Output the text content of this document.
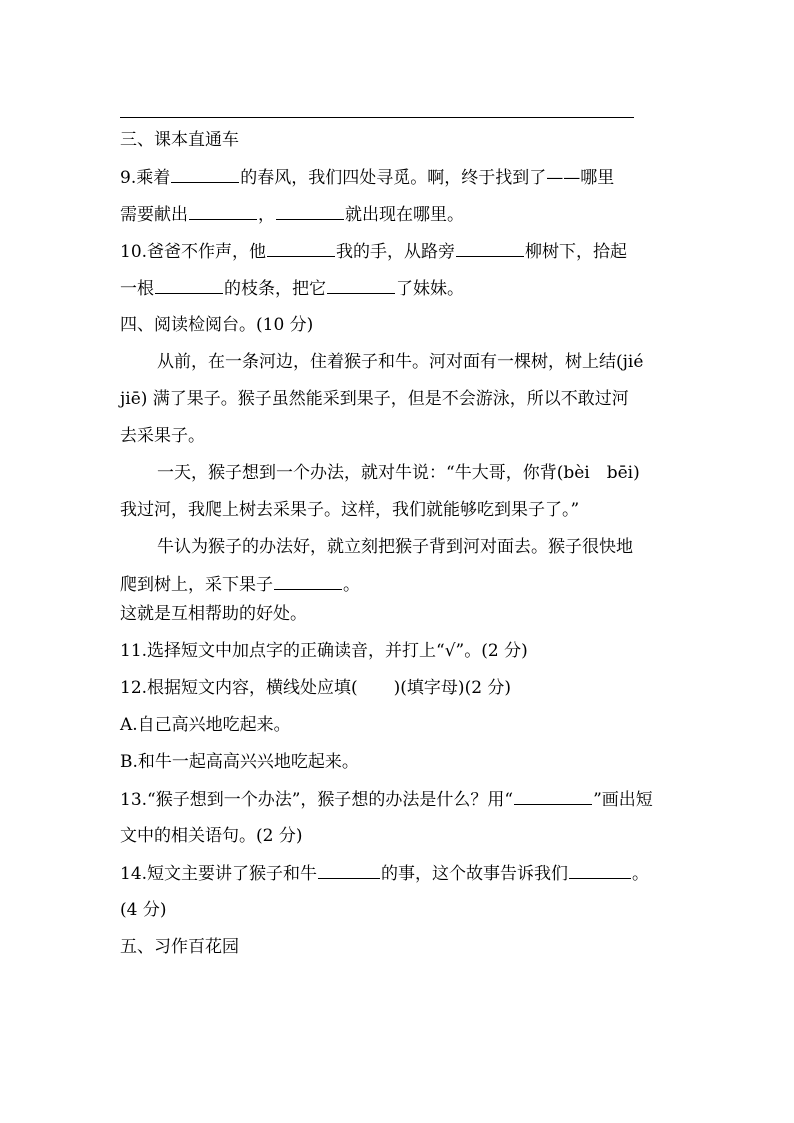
三、课本直通车
9.乘着	的春风，我们四处寻觅。啊，终于找到了——哪里
需要献出	，	就出现在哪里。
10.爸爸不作声，他	我的手，从路旁	柳树下，拾起
一根	的枝条，把它	了妹妹。
四、阅读检阅台。(10 分)
从前，在一条河边，住着猴子和牛。河对面有一棵树，树上结(jié
jiē) 满了果子。猴子虽然能采到果子，但是不会游泳，所以不敢过河
去采果子。
一天，猴子想到一个办法，就对牛说：“牛大哥，你背(bèi　bēi)
我过河，我爬上树去采果子。这样，我们就能够吃到果子了。”
牛认为猴子的办法好，就立刻把猴子背到河对面去。猴子很快地
爬到树上，采下果子	。
这就是互相帮助的好处。
11.选择短文中加点字的正确读音，并打上“√”。(2 分)
12.根据短文内容，横线处应填( )(填字母)(2 分)
A.自己高兴地吃起来。
B.和牛一起高高兴兴地吃起来。
13.“猴子想到一个办法”，猴子想的办法是什么？用“	”画出短
文中的相关语句。(2 分)
14.短文主要讲了猴子和牛	的事，这个故事告诉我们	。
(4 分)
五、习作百花园
